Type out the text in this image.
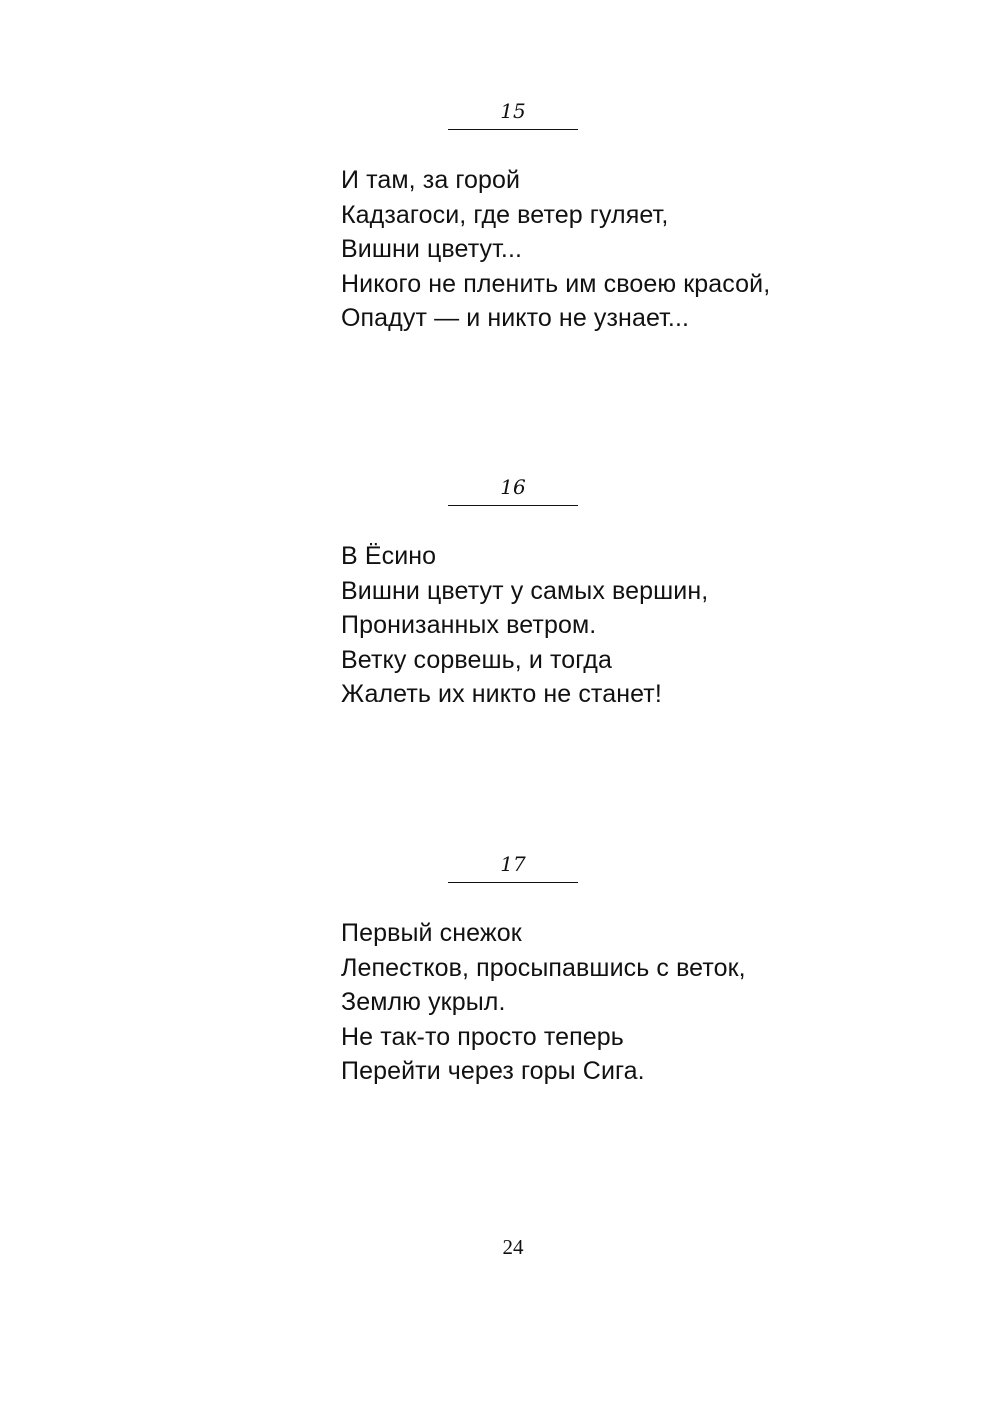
15
И там, за горой
Кадзагоси, где ветер гуляет,
Вишни цветут...
Никого не пленить им своею красой,
Опадут — и никто не узнает...
16
В Ёсино
Вишни цветут у самых вершин,
Пронизанных ветром.
Ветку сорвешь, и тогда
Жалеть их никто не станет!
17
Первый снежок
Лепестков, просыпавшись с веток,
Землю укрыл.
Не так-то просто теперь
Перейти через горы Сига.
24
